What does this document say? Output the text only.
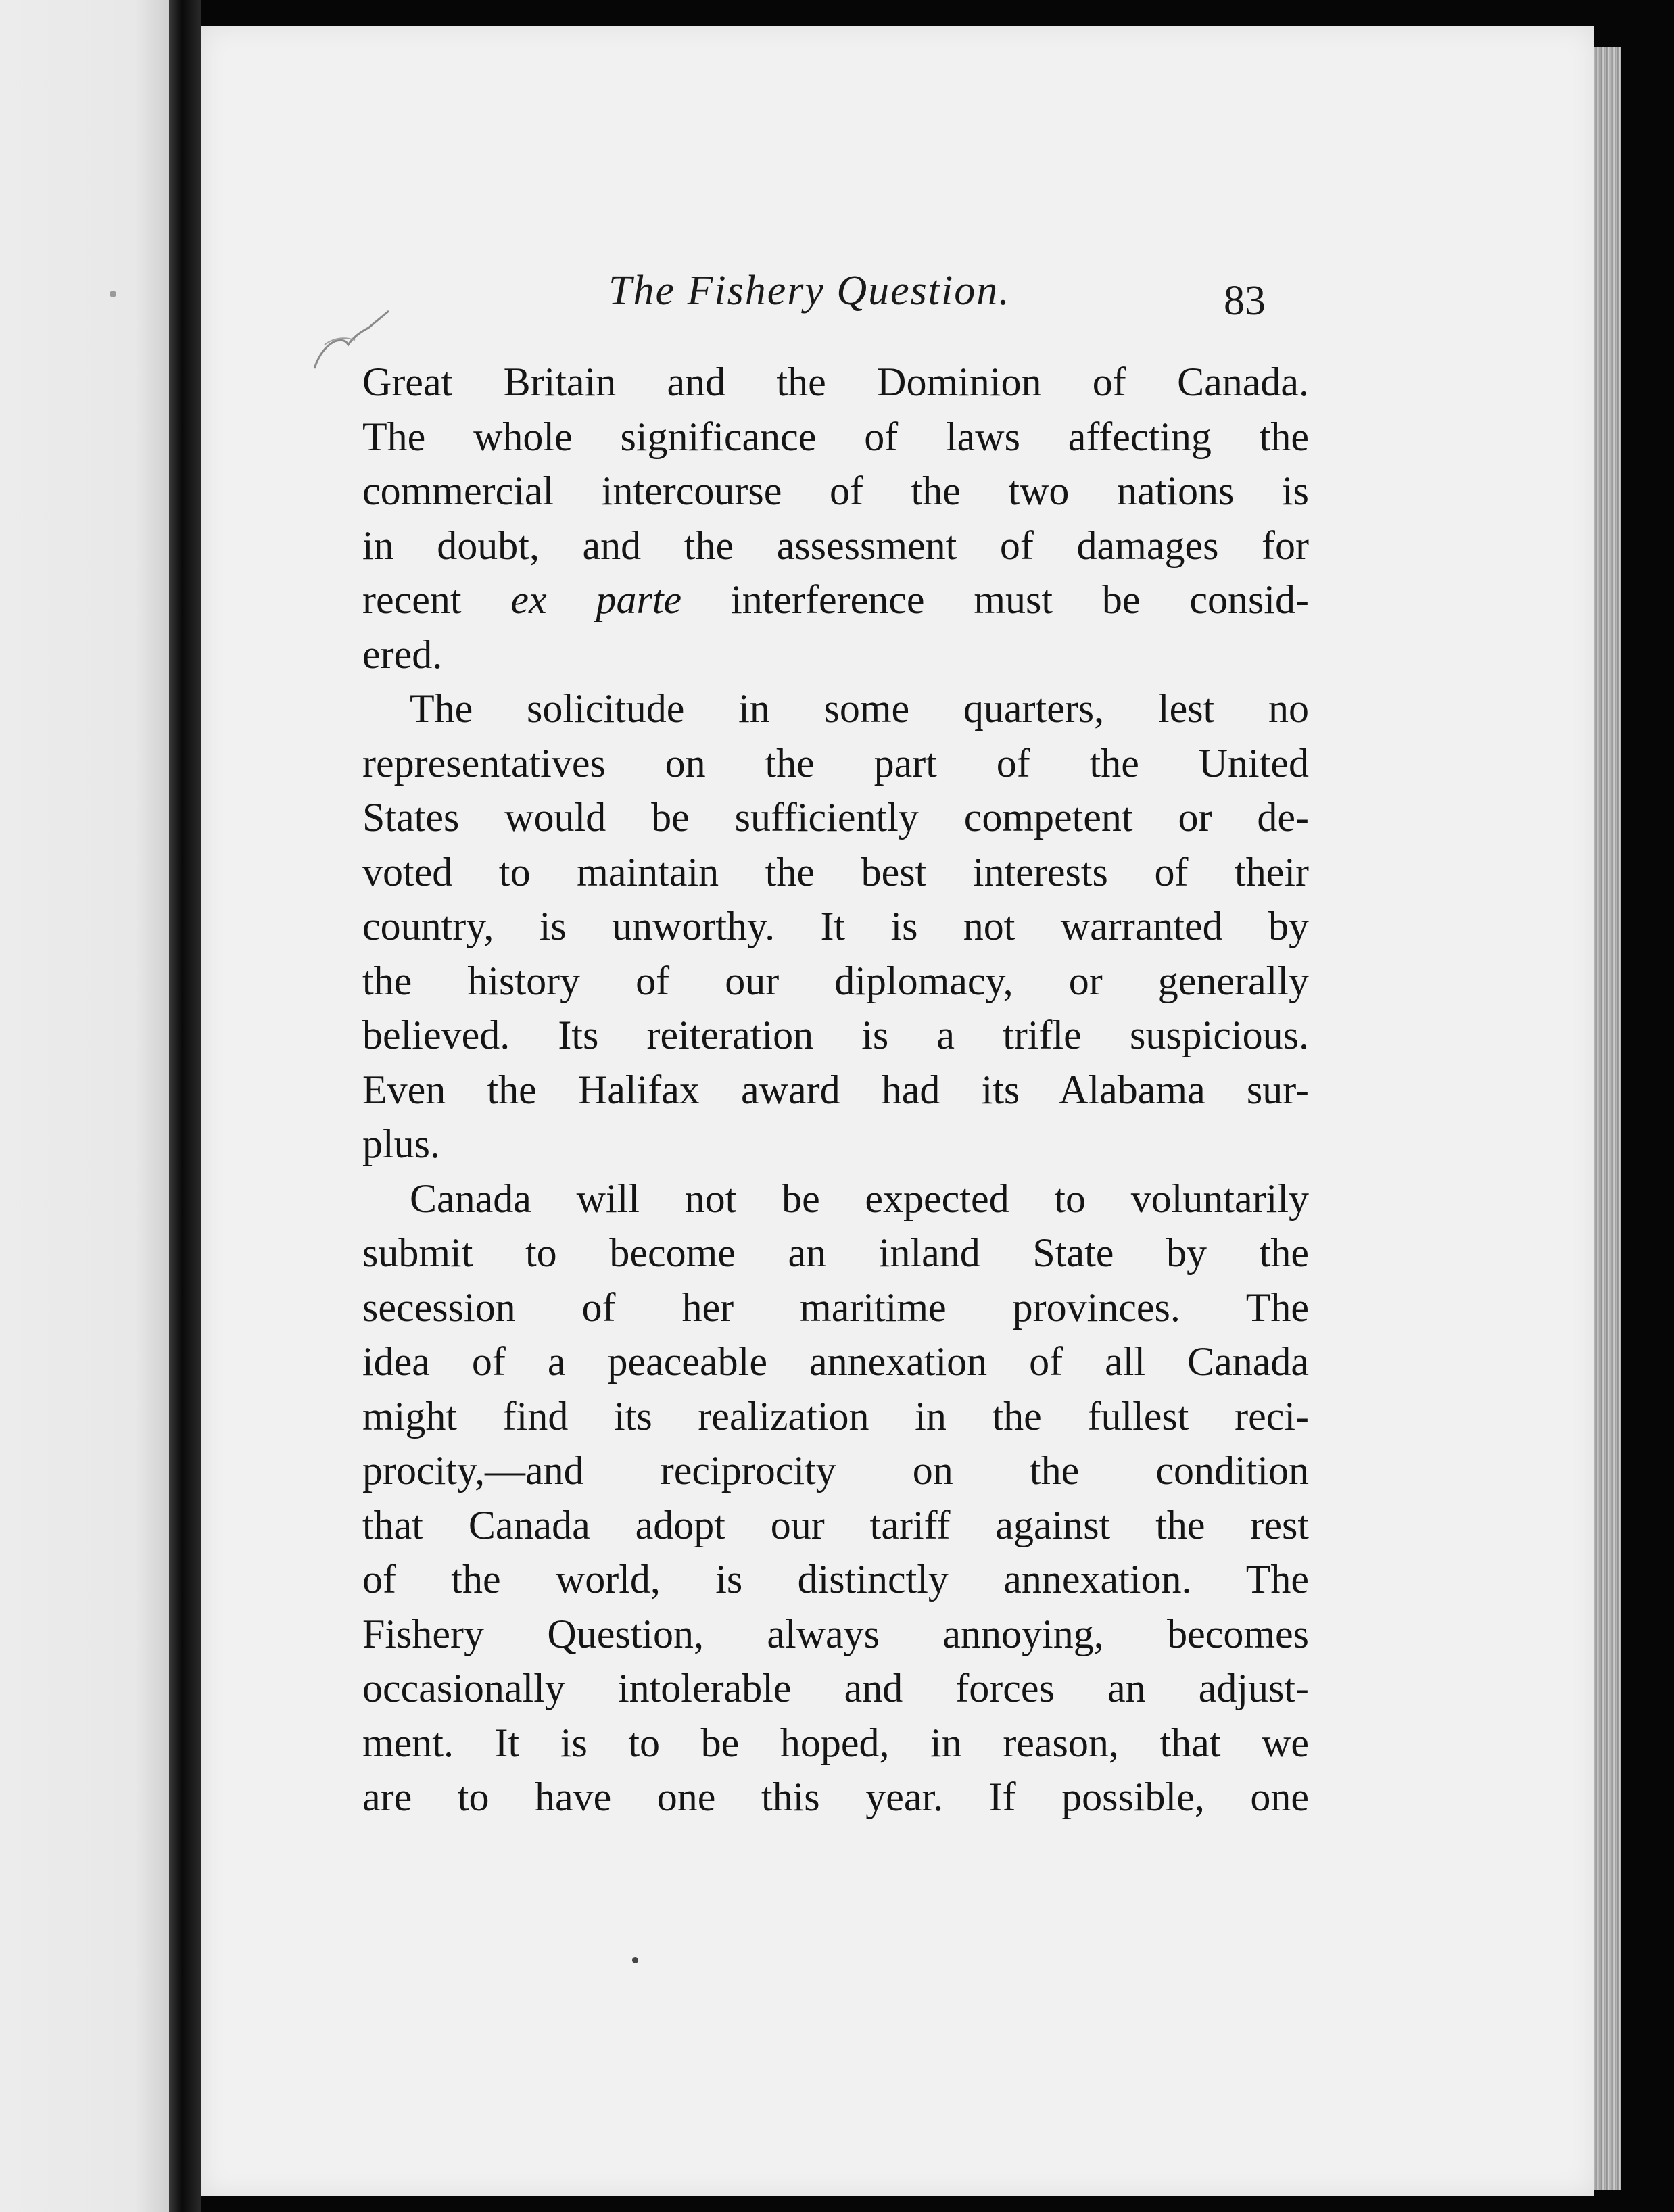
The Fishery Question.	83
Great Britain and the Dominion of Canada.
The whole significance of laws affecting the
commercial intercourse of the two nations is
in doubt, and the assessment of damages for
recent ex parte interference must be consid-
ered.
The solicitude in some quarters, lest no
representatives on the part of the United
States would be sufficiently competent or de-
voted to maintain the best interests of their
country, is unworthy. It is not warranted by
the history of our diplomacy, or generally
believed. Its reiteration is a trifle suspicious.
Even the Halifax award had its Alabama sur-
plus.
Canada will not be expected to voluntarily
submit to become an inland State by the
secession of her maritime provinces. The
idea of a peaceable annexation of all Canada
might find its realization in the fullest reci-
procity,—and reciprocity on the condition
that Canada adopt our tariff against the rest
of the world, is distinctly annexation. The
Fishery Question, always annoying, becomes
occasionally intolerable and forces an adjust-
ment. It is to be hoped, in reason, that we
are to have one this year. If possible, one
